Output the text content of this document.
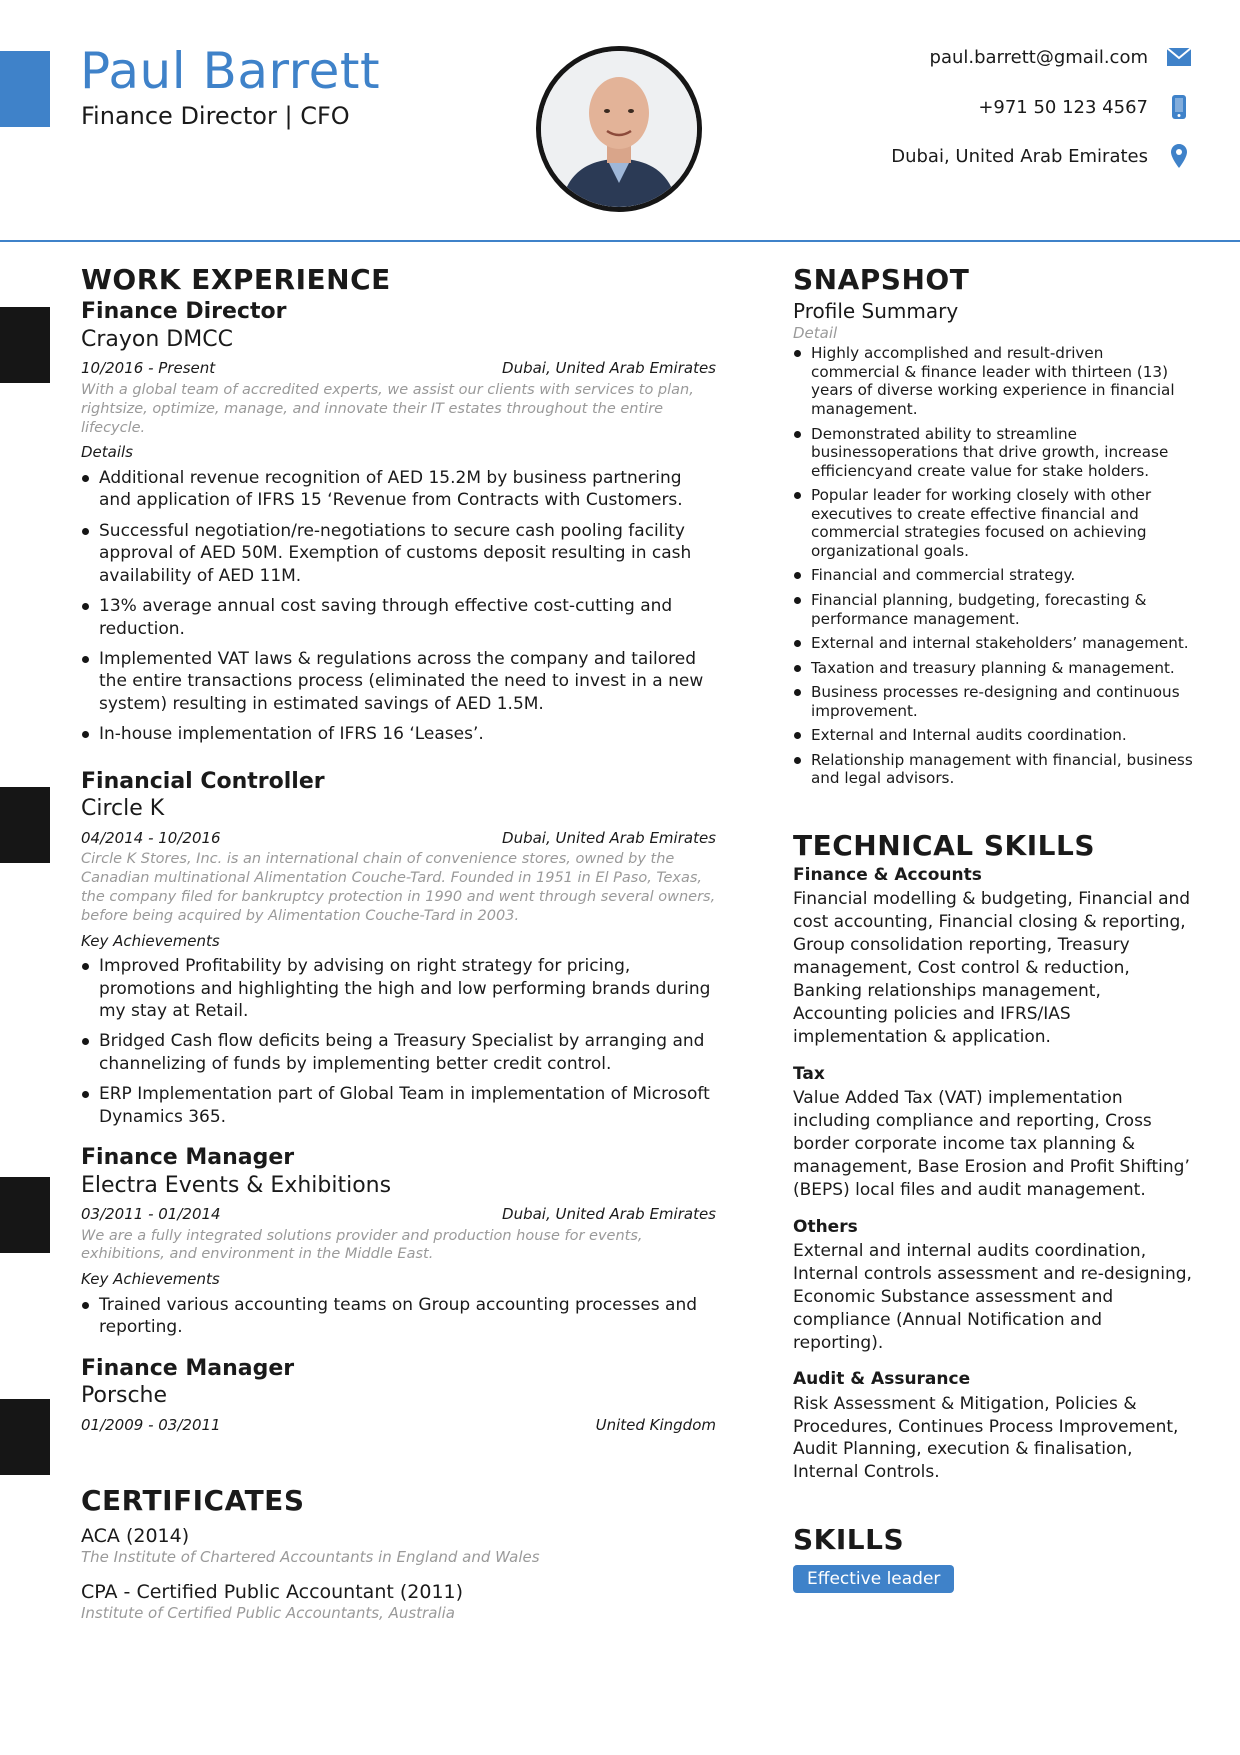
Paul Barrett
Finance Director | CFO
paul.barrett@gmail.com
+971 50 123 4567
Dubai, United Arab Emirates
WORK EXPERIENCE
Finance Director
Crayon DMCC
10/2016 - Present	Dubai, United Arab Emirates
With a global team of accredited experts, we assist our clients with services to plan, rightsize, optimize, manage, and innovate their IT estates throughout the entire lifecycle.
Details
Additional revenue recognition of AED 15.2M by business partnering and application of IFRS 15 ‘Revenue from Contracts with Customers.
Successful negotiation/re-negotiations to secure cash pooling facility approval of AED 50M. Exemption of customs deposit resulting in cash availability of AED 11M.
13% average annual cost saving through effective cost-cutting and reduction.
Implemented VAT laws & regulations across the company and tailored the entire transactions process (eliminated the need to invest in a new system) resulting in estimated savings of AED 1.5M.
In-house implementation of IFRS 16 ‘Leases’.
Financial Controller
Circle K
04/2014 - 10/2016	Dubai, United Arab Emirates
Circle K Stores, Inc. is an international chain of convenience stores, owned by the Canadian multinational Alimentation Couche-Tard. Founded in 1951 in El Paso, Texas, the company filed for bankruptcy protection in 1990 and went through several owners, before being acquired by Alimentation Couche-Tard in 2003.
Key Achievements
Improved Profitability by advising on right strategy for pricing, promotions and highlighting the high and low performing brands during my stay at Retail.
Bridged Cash flow deficits being a Treasury Specialist by arranging and channelizing of funds by implementing better credit control.
ERP Implementation part of Global Team in implementation of Microsoft Dynamics 365.
Finance Manager
Electra Events & Exhibitions
03/2011 - 01/2014	Dubai, United Arab Emirates
We are a fully integrated solutions provider and production house for events, exhibitions, and environment in the Middle East.
Key Achievements
Trained various accounting teams on Group accounting processes and reporting.
Finance Manager
Porsche
01/2009 - 03/2011	United Kingdom
CERTIFICATES
ACA (2014)
The Institute of Chartered Accountants in England and Wales
CPA - Certified Public Accountant (2011)
Institute of Certified Public Accountants, Australia
SNAPSHOT
Profile Summary
Detail
Highly accomplished and result-driven commercial & finance leader with thirteen (13) years of diverse working experience in financial management.
Demonstrated ability to streamline businessoperations that drive growth, increase efficiencyand create value for stake holders.
Popular leader for working closely with other executives to create effective financial and commercial strategies focused on achieving organizational goals.
Financial and commercial strategy.
Financial planning, budgeting, forecasting & performance management.
External and internal stakeholders’ management.
Taxation and treasury planning & management.
Business processes re-designing and continuous improvement.
External and Internal audits coordination.
Relationship management with financial, business and legal advisors.
TECHNICAL SKILLS
Finance & Accounts
Financial modelling & budgeting, Financial and cost accounting, Financial closing & reporting, Group consolidation reporting, Treasury management, Cost control & reduction, Banking relationships management, Accounting policies and IFRS/IAS implementation & application.
Tax
Value Added Tax (VAT) implementation including compliance and reporting, Cross border corporate income tax planning & management, Base Erosion and Profit Shifting’ (BEPS) local files and audit management.
Others
External and internal audits coordination, Internal controls assessment and re-designing, Economic Substance assessment and compliance (Annual Notification and reporting).
Audit & Assurance
Risk Assessment & Mitigation, Policies & Procedures, Continues Process Improvement, Audit Planning, execution & finalisation, Internal Controls.
SKILLS
Effective leader
